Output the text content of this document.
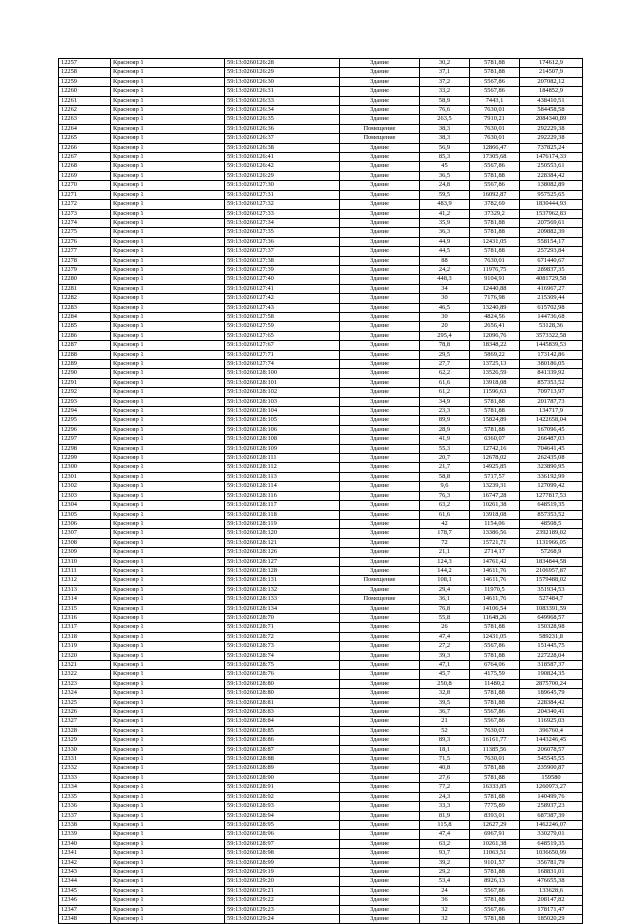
12257	Краснояр 1	59:13:0260126:28	Здание	30,2	5781,88	174612,9
12258	Краснояр 1	59:13:0260126:29	Здание	37,1	5781,88	214507,9
12259	Краснояр 1	59:13:0260126:30	Здание	37,2	5567,86	207082,12
12260	Краснояр 1	59:13:0260126:31	Здание	33,2	5567,86	184852,9
12261	Краснояр 1	59:13:0260126:33	Здание	58,9	7443,1	438410,51
12262	Краснояр 1	59:13:0260126:34	Здание	76,6	7630,01	584458,58
12263	Краснояр 1	59:13:0260126:35	Здание	263,5	7910,21	2084340,89
12264	Краснояр 1	59:13:0260126:36	Помещение	38,3	7630,01	292229,38
12265	Краснояр 1	59:13:0260126:37	Помещение	38,3	7630,01	292229,38
12266	Краснояр 1	59:13:0260126:38	Здание	56,9	12866,47	737825,24
12267	Краснояр 1	59:13:0260126:41	Здание	85,3	17305,68	1476174,33
12268	Краснояр 1	59:13:0260126:42	Здание	45	5567,86	250553,61
12269	Краснояр 1	59:13:0260126:29	Здание	36,5	5781,88	228384,42
12270	Краснояр 1	59:13:0260127:30	Здание	24,8	5567,86	138082,89
12271	Краснояр 1	59:13:0260127:31	Здание	59,5	16092,87	957525,65
12272	Краснояр 1	59:13:0260127:32	Здание	483,9	3782,69	1830444,93
12273	Краснояр 1	59:13:0260127:33	Здание	41,2	37329,2	1537962,83
12274	Краснояр 1	59:13:0260127:34	Здание	35,9	5781,88	207569,61
12275	Краснояр 1	59:13:0260127:35	Здание	36,3	5781,88	209882,39
12276	Краснояр 1	59:13:0260127:36	Здание	44,9	12431,05	558154,17
12277	Краснояр 1	59:13:0260127:37	Здание	44,5	5781,88	257293,84
12278	Краснояр 1	59:13:0260127:38	Здание	88	7630,01	671440,67
12279	Краснояр 1	59:13:0260127:39	Здание	24,2	11976,75	289837,35
12280	Краснояр 1	59:13:0260127:40	Здание	448,3	9104,91	4081729,58
12281	Краснояр 1	59:13:0260127:41	Здание	34	12440,88	416967,27
12282	Краснояр 1	59:13:0260127:42	Здание	30	7176,98	215309,44
12283	Краснояр 1	59:13:0260127:43	Здание	46,5	13240,89	615702,98
12284	Краснояр 1	59:13:0260127:58	Здание	30	4824,56	144736,68
12285	Краснояр 1	59:13:0260127:59	Здание	20	2656,41	53128,36
12286	Краснояр 1	59:13:0260127:65	Здание	295,4	12096,76	3573322,58
12287	Краснояр 1	59:13:0260127:67	Здание	78,8	18348,22	1445839,53
12288	Краснояр 1	59:13:0260127:71	Здание	29,5	5869,22	173142,86
12289	Краснояр 1	59:13:0260127:74	Здание	27,7	13725,13	380186,05
12290	Краснояр 1	59:13:0260128:100	Здание	62,2	13526,59	841339,92
12291	Краснояр 1	59:13:0260128:101	Здание	61,6	13918,08	857353,52
12292	Краснояр 1	59:13:0260128:102	Здание	61,2	11596,63	709713,97
12293	Краснояр 1	59:13:0260128:103	Здание	34,9	5781,88	201787,73
12294	Краснояр 1	59:13:0260128:104	Здание	23,3	5781,88	134717,9
12295	Краснояр 1	59:13:0260128:105	Здание	89,9	15824,89	1422658,04
12296	Краснояр 1	59:13:0260128:106	Здание	28,9	5781,88	167096,45
12297	Краснояр 1	59:13:0260128:108	Здание	41,9	6360,07	266487,03
12298	Краснояр 1	59:13:0260128:109	Здание	55,3	12742,16	704641,45
12299	Краснояр 1	59:13:0260128:111	Здание	20,7	12678,02	262435,08
12300	Краснояр 1	59:13:0260128:112	Здание	21,7	14925,85	323890,95
12301	Краснояр 1	59:13:0260128:113	Здание	58,8	5717,57	336192,99
12302	Краснояр 1	59:13:0260128:114	Здание	9,6	13239,31	127099,42
12303	Краснояр 1	59:13:0260128:116	Здание	76,3	16747,28	1277817,53
12304	Краснояр 1	59:13:0260128:117	Здание	63,2	10261,38	648519,35
12305	Краснояр 1	59:13:0260128:118	Здание	61,6	13918,08	857353,52
12306	Краснояр 1	59:13:0260128:119	Здание	42	1154,06	48508,5
12307	Краснояр 1	59:13:0260128:120	Здание	178,7	13386,56	2392189,02
12308	Краснояр 1	59:13:0260128:121	Здание	72	15721,71	1131966,05
12309	Краснояр 1	59:13:0260128:126	Здание	21,1	2714,17	57268,9
12310	Краснояр 1	59:13:0260128:127	Здание	124,3	14761,42	1834844,58
12311	Краснояр 1	59:13:0260128:128	Здание	144,2	14611,76	2106957,87
12312	Краснояр 1	59:13:0260128:131	Помещение	108,1	14611,76	1579488,02
12313	Краснояр 1	59:13:0260128:132	Здание	29,4	11970,5	351934,53
12314	Краснояр 1	59:13:0260128:133	Помещение	36,1	14611,76	527484,7
12315	Краснояр 1	59:13:0260128:134	Здание	76,8	14106,54	1083391,59
12316	Краснояр 1	59:13:0260128:70	Здание	55,8	11648,26	649968,57
12317	Краснояр 1	59:13:0260128:71	Здание	26	5781,88	150328,98
12318	Краснояр 1	59:13:0260128:72	Здание	47,4	12431,05	589231,8
12319	Краснояр 1	59:13:0260128:73	Здание	27,2	5567,86	151445,75
12320	Краснояр 1	59:13:0260128:74	Здание	39,3	5781,88	227228,04
12321	Краснояр 1	59:13:0260128:75	Здание	47,1	6764,06	318587,37
12322	Краснояр 1	59:13:0260128:76	Здание	45,7	4175,59	190824,35
12323	Краснояр 1	59:13:0260128:80	Здание	250,8	11480,2	2875700,24
12324	Краснояр 1	59:13:0260128:80	Здание	32,8	5781,88	189645,79
12325	Краснояр 1	59:13:0260128:81	Здание	39,5	5781,88	228384,42
12326	Краснояр 1	59:13:0260128:83	Здание	36,7	5567,86	204340,41
12327	Краснояр 1	59:13:0260128:84	Здание	21	5567,86	116925,03
12328	Краснояр 1	59:13:0260128:85	Здание	52	7630,01	396760,4
12329	Краснояр 1	59:13:0260128:86	Здание	89,3	16161,77	1443246,45
12330	Краснояр 1	59:13:0260128:87	Здание	18,1	11385,56	206078,57
12331	Краснояр 1	59:13:0260128:88	Здание	71,5	7630,01	545545,55
12332	Краснояр 1	59:13:0260128:89	Здание	40,8	5781,88	235900,87
12333	Краснояр 1	59:13:0260128:90	Здание	27,6	5781,88	159580
12334	Краснояр 1	59:13:0260128:91	Здание	77,2	16333,85	1260973,27
12335	Краснояр 1	59:13:0260128:92	Здание	24,3	5781,88	140499,76
12336	Краснояр 1	59:13:0260128:93	Здание	33,3	7775,89	258937,23
12337	Краснояр 1	59:13:0260128:94	Здание	81,9	8393,01	687387,39
12338	Краснояр 1	59:13:0260128:95	Здание	115,8	12627,29	1462246,07
12339	Краснояр 1	59:13:0260128:96	Здание	47,4	6967,91	330279,01
12340	Краснояр 1	59:13:0260128:97	Здание	63,2	10261,38	648519,35
12341	Краснояр 1	59:13:0260128:98	Здание	93,7	11063,51	1036650,99
12342	Краснояр 1	59:13:0260128:99	Здание	39,2	9101,57	356781,79
12343	Краснояр 1	59:13:0260129:19	Здание	29,2	5781,88	168831,01
12344	Краснояр 1	59:13:0260129:20	Здание	53,4	8926,13	476655,38
12345	Краснояр 1	59:13:0260129:21	Здание	24	5567,86	133628,6
12346	Краснояр 1	59:13:0260129:22	Здание	36	5781,88	208147,82
12347	Краснояр 1	59:13:0260129:23	Здание	32	5567,86	178171,47
12348	Краснояр 1	59:13:0260129:24	Здание	32	5781,88	185020,29
